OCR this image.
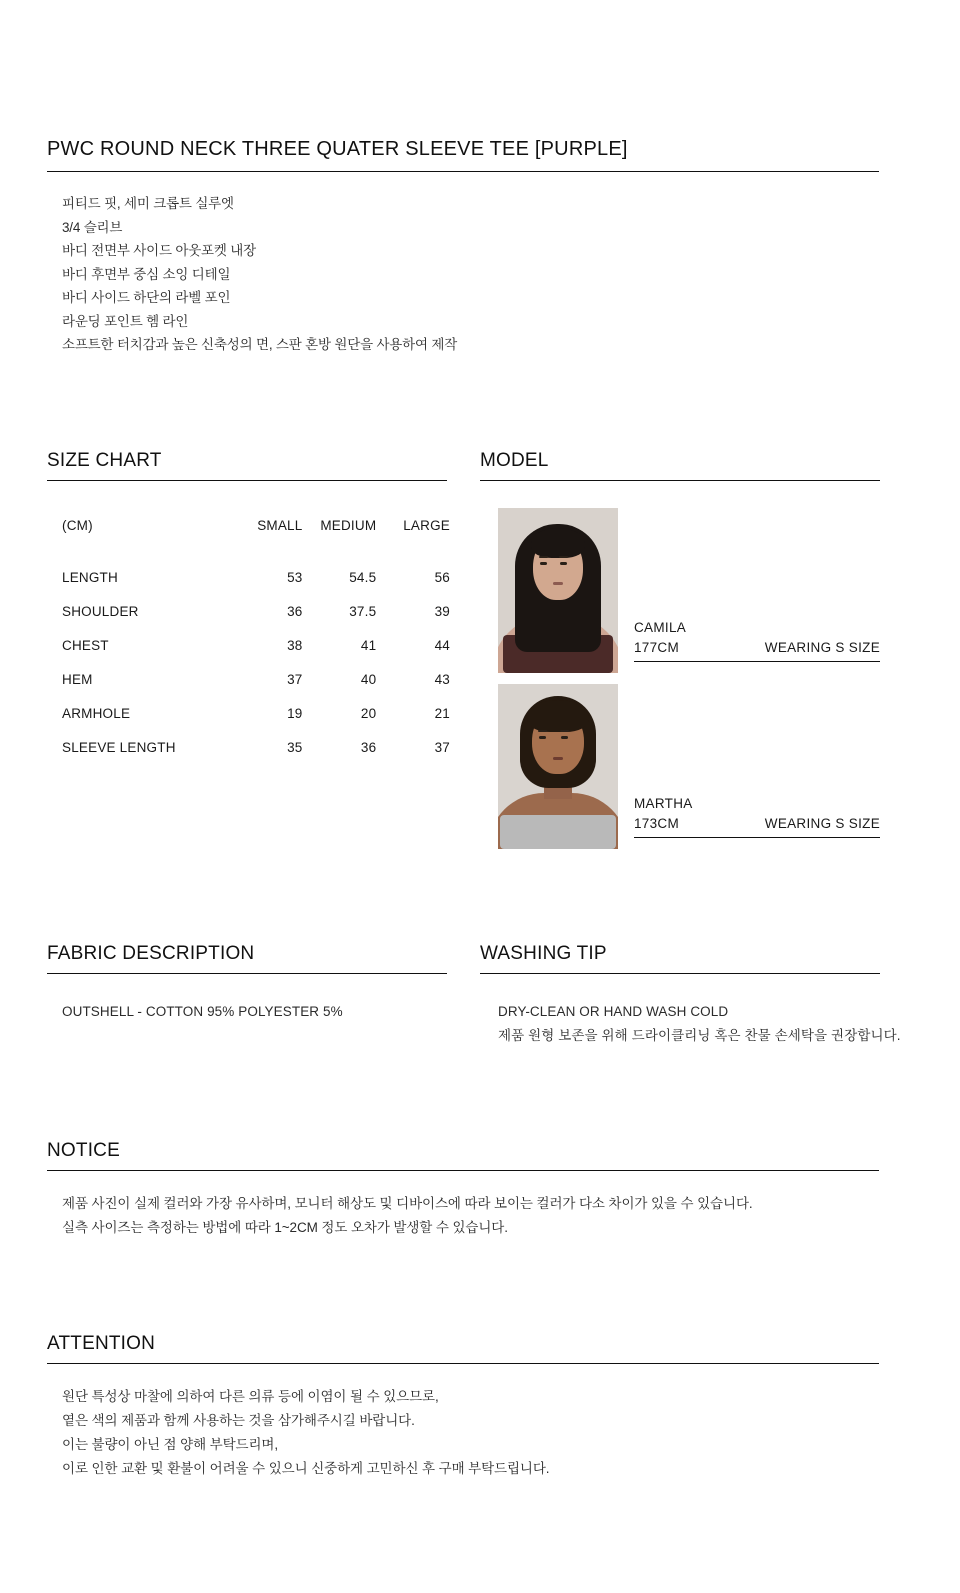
PWC ROUND NECK THREE QUATER SLEEVE TEE [PURPLE]
피티드 핏, 세미 크롭트 실루엣
3/4 슬리브
바디 전면부 사이드 아웃포켓 내장
바디 후면부 중심 소잉 디테일
바디 사이드 하단의 라벨 포인
라운딩 포인트 헴 라인
소프트한 터치감과 높은 신축성의 면, 스판 혼방 원단을 사용하여 제작
SIZE CHART
(CM)	SMALL	MEDIUM	LARGE
LENGTH	53	54.5	56
SHOULDER	36	37.5	39
CHEST	38	41	44
HEM	37	40	43
ARMHOLE	19	20	21
SLEEVE LENGTH	35	36	37
MODEL
CAMILA
177CM	WEARING S SIZE
MARTHA
173CM	WEARING S SIZE
FABRIC DESCRIPTION
OUTSHELL - COTTON 95% POLYESTER 5%
WASHING TIP
DRY-CLEAN OR HAND WASH COLD
제품 원형 보존을 위해 드라이클리닝 혹은 찬물 손세탁을 권장합니다.
NOTICE
제품 사진이 실제 컬러와 가장 유사하며, 모니터 해상도 및 디바이스에 따라 보이는 컬러가 다소 차이가 있을 수 있습니다.
실측 사이즈는 측정하는 방법에 따라 1~2CM 정도 오차가 발생할 수 있습니다.
ATTENTION
원단 특성상 마찰에 의하여 다른 의류 등에 이염이 될 수 있으므로,
옅은 색의 제품과 함께 사용하는 것을 삼가해주시길 바랍니다.
이는 불량이 아닌 점 양해 부탁드리며,
이로 인한 교환 및 환불이 어려울 수 있으니 신중하게 고민하신 후 구매 부탁드립니다.
